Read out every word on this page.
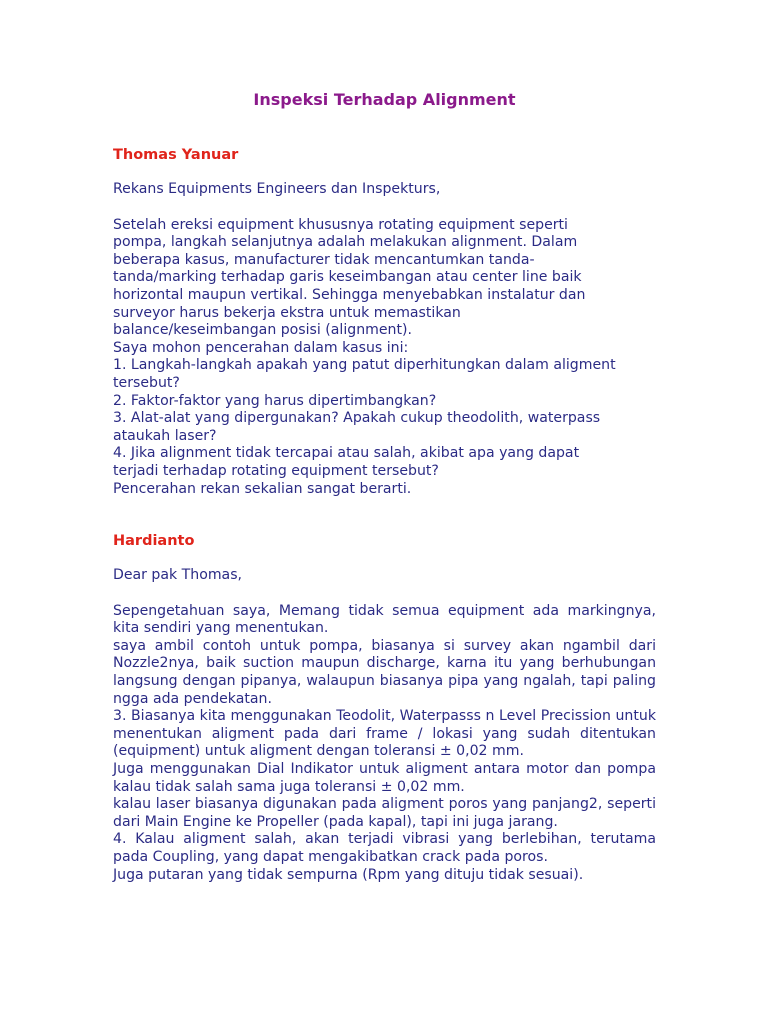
Inspeksi Terhadap Alignment

Thomas Yanuar

Rekans Equipments Engineers dan Inspekturs,

Setelah ereksi equipment khususnya rotating equipment seperti
pompa, langkah selanjutnya adalah melakukan alignment. Dalam
beberapa kasus, manufacturer tidak mencantumkan tanda-
tanda/marking terhadap garis keseimbangan atau center line baik
horizontal maupun vertikal. Sehingga menyebabkan instalatur dan
surveyor harus bekerja ekstra untuk memastikan
balance/keseimbangan posisi (alignment).
Saya mohon pencerahan dalam kasus ini:
1. Langkah-langkah apakah yang patut diperhitungkan dalam aligment
tersebut?
2. Faktor-faktor yang harus dipertimbangkan?
3. Alat-alat yang dipergunakan? Apakah cukup theodolith, waterpass
ataukah laser?
4. Jika alignment tidak tercapai atau salah, akibat apa yang dapat
terjadi terhadap rotating equipment tersebut?
Pencerahan rekan sekalian sangat berarti.

Hardianto

Dear pak Thomas,

Sepengetahuan saya, Memang tidak semua equipment ada markingnya, kita sendiri yang menentukan.

saya ambil contoh untuk pompa, biasanya si survey akan ngambil dari Nozzle2nya, baik suction maupun discharge, karna itu yang berhubungan langsung dengan pipanya, walaupun biasanya pipa yang ngalah, tapi paling ngga ada pendekatan.

3. Biasanya kita menggunakan Teodolit, Waterpasss n Level Precission untuk menentukan aligment pada dari frame / lokasi yang sudah ditentukan (equipment) untuk aligment dengan toleransi ± 0,02 mm.

Juga menggunakan Dial Indikator untuk aligment antara motor dan pompa kalau tidak salah sama juga toleransi ± 0,02 mm.

kalau laser biasanya digunakan pada aligment poros yang panjang2, seperti dari Main Engine ke Propeller (pada kapal), tapi ini juga jarang.

4. Kalau aligment salah, akan terjadi vibrasi yang berlebihan, terutama pada Coupling, yang dapat mengakibatkan crack pada poros.

Juga putaran yang tidak sempurna (Rpm yang dituju tidak sesuai).
